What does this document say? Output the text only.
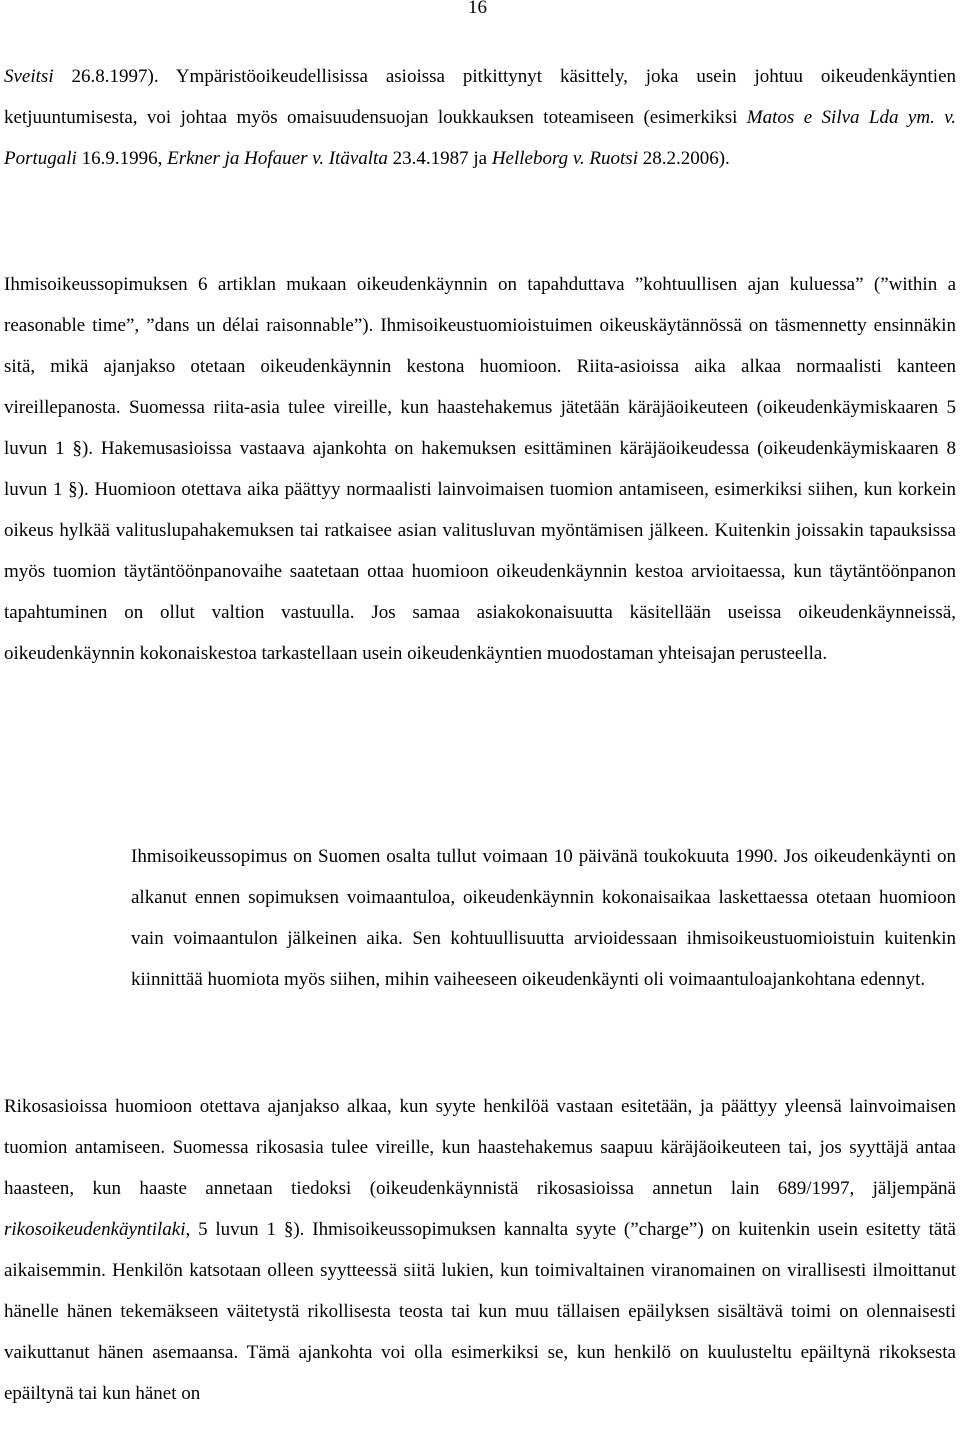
16

Sveitsi 26.8.1997). Ympäristöoikeudellisissa asioissa pitkittynyt käsittely, joka usein johtuu oikeudenkäyntien ketjuuntumisesta, voi johtaa myös omaisuudensuojan loukkauksen toteamiseen (esimerkiksi Matos e Silva Lda ym. v. Portugali 16.9.1996, Erkner ja Hofauer v. Itävalta 23.4.1987 ja Helleborg v. Ruotsi 28.2.2006).

Ihmisoikeussopimuksen 6 artiklan mukaan oikeudenkäynnin on tapahduttava ”kohtuullisen ajan kuluessa” (”within a reasonable time”, ”dans un délai raisonnable”). Ihmisoikeustuomioistuimen oikeuskäytännössä on täsmennetty ensinnäkin sitä, mikä ajanjakso otetaan oikeudenkäynnin kestona huomioon. Riita-asioissa aika alkaa normaalisti kanteen vireillepanosta. Suomessa riita-asia tulee vireille, kun haastehakemus jätetään käräjäoikeuteen (oikeudenkäymiskaaren 5 luvun 1 §). Hakemusasioissa vastaava ajankohta on hakemuksen esittäminen käräjäoikeudessa (oikeudenkäymiskaaren 8 luvun 1 §). Huomioon otettava aika päättyy normaalisti lainvoimaisen tuomion antamiseen, esimerkiksi siihen, kun korkein oikeus hylkää valituslupahakemuksen tai ratkaisee asian valitusluvan myöntämisen jälkeen. Kuitenkin joissakin tapauksissa myös tuomion täytäntöönpanovaihe saatetaan ottaa huomioon oikeudenkäynnin kestoa arvioitaessa, kun täytäntöönpanon tapahtuminen on ollut valtion vastuulla. Jos samaa asiakokonaisuutta käsitellään useissa oikeudenkäynneissä, oikeudenkäynnin kokonaiskestoa tarkastellaan usein oikeudenkäyntien muodostaman yhteisajan perusteella.

Ihmisoikeussopimus on Suomen osalta tullut voimaan 10 päivänä toukokuuta 1990. Jos oikeudenkäynti on alkanut ennen sopimuksen voimaantuloa, oikeudenkäynnin kokonaisaikaa laskettaessa otetaan huomioon vain voimaantulon jälkeinen aika. Sen kohtuullisuutta arvioidessaan ihmisoikeustuomioistuin kuitenkin kiinnittää huomiota myös siihen, mihin vaiheeseen oikeudenkäynti oli voimaantuloajankohtana edennyt.

Rikosasioissa huomioon otettava ajanjakso alkaa, kun syyte henkilöä vastaan esitetään, ja päättyy yleensä lainvoimaisen tuomion antamiseen. Suomessa rikosasia tulee vireille, kun haastehakemus saapuu käräjäoikeuteen tai, jos syyttäjä antaa haasteen, kun haaste annetaan tiedoksi (oikeudenkäynnistä rikosasioissa annetun lain 689/1997, jäljempänä rikosoikeudenkäyntilaki, 5 luvun 1 §). Ihmisoikeussopimuksen kannalta syyte (”charge”) on kuitenkin usein esitetty tätä aikaisemmin. Henkilön katsotaan olleen syytteessä siitä lukien, kun toimivaltainen viranomainen on virallisesti ilmoittanut hänelle hänen tekemäkseen väitetystä rikollisesta teosta tai kun muu tällaisen epäilyksen sisältävä toimi on olennaisesti vaikuttanut hänen asemaansa. Tämä ajankohta voi olla esimerkiksi se, kun henkilö on kuulusteltu epäiltynä rikoksesta epäiltynä tai kun hänet on
